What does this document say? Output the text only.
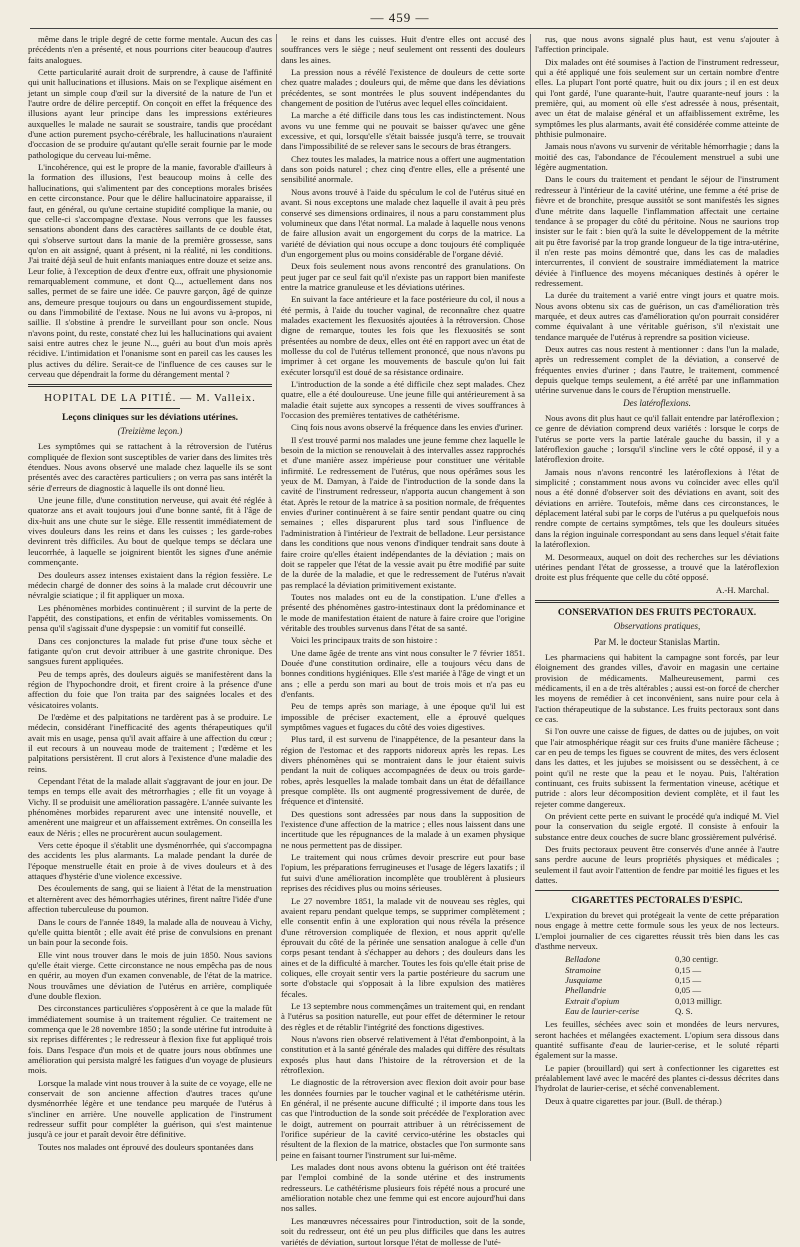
— 459 —

même dans le triple degré de cette forme mentale. Aucun des cas précédents n'en a présenté, et nous pourrions citer beaucoup d'autres faits analogues.

Cette particularité aurait droit de surprendre, à cause de l'affinité qui unit hallucinations et illusions. Mais on se l'explique aisément en jetant un simple coup d'œil sur la diversité de la nature de l'un et l'autre ordre de délire perceptif. On conçoit en effet la fréquence des illusions ayant leur principe dans les impressions extérieures auxquelles le malade ne saurait se soustraire, tandis que procédant d'une action purement psycho-cérébrale, les hallucinations n'auraient d'occasion de se produire qu'autant qu'elle serait fournie par le mode pathologique du cerveau lui-même.

L'incohérence, qui est le propre de la manie, favorable d'ailleurs à la formation des illusions, l'est beaucoup moins à celle des hallucinations, qui s'alimentent par des conceptions morales brisées en cette circonstance. Pour que le délire hallucinatoire apparaisse, il faut, en général, ou qu'une certaine stupidité complique la manie, ou que celle-ci s'accompagne d'extase. Nous verrons que les fausses sensations abondent dans des caractères saillants de ce double état, qui s'observe surtout dans la manie de la première grossesse, sans qu'on en ait assigné, quant à présent, ni la réalité, ni les conditions. J'ai traité déjà seul de huit enfants maniaques entre douze et seize ans. Leur folie, à l'exception de deux d'entre eux, offrait une physionomie remarquablement commune, et dont Q..., actuellement dans nos salles, permet de se faire une idée. Ce pauvre garçon, âgé de quinze ans, demeure presque toujours ou dans un engourdissement stupide, ou dans l'immobilité de l'extase. Nous ne lui avons vu à-propos, ni saillie. Il s'obstine à prendre le surveillant pour son oncle. Nous n'avons point, du reste, constaté chez lui les hallucinations qui avaient saisi entre autres chez le jeune N..., guéri au bout d'un mois après récidive. L'intimidation et l'onanisme sont en pareil cas les causes les plus actives du délire. Serait-ce de l'influence de ces causes sur le cerveau que dépendrait la forme du dérangement mental ?

HOPITAL DE LA PITIÉ. — M. Valleix.
Leçons cliniques sur les déviations utérines.
(Treizième leçon.)

Les symptômes qui se rattachent à la rétroversion de l'utérus compliquée de flexion sont susceptibles de varier dans des limites très étendues. Nous avons observé une malade chez laquelle ils se sont présentés avec des caractères particuliers ; on verra pas sans intérêt la série d'erreurs de diagnostic à laquelle ils ont donné lieu.

Une jeune fille, d'une constitution nerveuse, qui avait été réglée à quatorze ans et avait toujours joui d'une bonne santé, fit à l'âge de dix-huit ans une chute sur le siège. Elle ressentit immédiatement de vives douleurs dans les reins et dans les cuisses ; les garde-robes devinrent très difficiles. Au bout de quelque temps se déclara une leucorrhée, à laquelle se joignirent bientôt les signes d'une anémie commençante.

Des douleurs assez intenses existaient dans la région fessière. Le médecin chargé de donner des soins à la malade crut découvrir une névralgie sciatique ; il fit appliquer un moxa.

Les phénomènes morbides continuèrent ; il survint de la perte de l'appétit, des constipations, et enfin de véritables vomissements. On pensa qu'il s'agissait d'une dyspepsie : un vomitif fut conseillé.

Dans ces conjonctures la malade fut prise d'une toux sèche et fatigante qu'on crut devoir attribuer à une gastrite chronique. Des sangsues furent appliquées.

Peu de temps après, des douleurs aiguës se manifestèrent dans la région de l'hypochondre droit, et firent croire à la présence d'une affection du foie que l'on traita par des saignées locales et des vésicatoires volants.

De l'œdème et des palpitations ne tardèrent pas à se produire. Le médecin, considérant l'inefficacité des agents thérapeutiques qu'il avait mis en usage, pensa qu'il avait affaire à une affection du cœur ; il eut recours à un nouveau mode de traitement ; l'œdème et les palpitations persistèrent. Il crut alors à l'existence d'une maladie des reins.

Cependant l'état de la malade allait s'aggravant de jour en jour. De temps en temps elle avait des métrorrhagies ; elle fit un voyage à Vichy. Il se produisit une amélioration passagère. L'année suivante les phénomènes morbides reparurent avec une intensité nouvelle, et amenèrent une maigreur et un affaissement extrêmes. On conseilla les eaux de Néris ; elles ne procurèrent aucun soulagement.

Vers cette époque il s'établit une dysménorrhée, qui s'accompagna des accidents les plus alarmants. La malade pendant la durée de l'époque menstruelle était en proie à de vives douleurs et à des attaques d'hystérie d'une violence excessive.

Des écoulements de sang, qui se liaient à l'état de la menstruation et alternèrent avec des hémorrhagies utérines, firent naître l'idée d'une affection tuberculeuse du poumon.

Dans le cours de l'année 1849, la malade alla de nouveau à Vichy, qu'elle quitta bientôt ; elle avait été prise de convulsions en prenant un bain pour la seconde fois.

Elle vint nous trouver dans le mois de juin 1850. Nous savions qu'elle était vierge. Cette circonstance ne nous empêcha pas de nous en quérir, au moyen d'un examen convenable, de l'état de la matrice. Nous trouvâmes une déviation de l'utérus en arrière, compliquée d'une double flexion.

Des circonstances particulières s'opposèrent à ce que la malade fût immédiatement soumise à un traitement régulier. Ce traitement ne commença que le 28 novembre 1850 ; la sonde utérine fut introduite à six reprises différentes ; le redresseur à flexion fixe fut appliqué trois fois. Dans l'espace d'un mois et de quatre jours nous obtînmes une amélioration qui persista malgré les fatigues d'un voyage de plusieurs mois.

Lorsque la malade vint nous trouver à la suite de ce voyage, elle ne conservait de son ancienne affection d'autres traces qu'une dysménorrhée légère et une tendance peu marquée de l'utérus à s'incliner en arrière. Une nouvelle application de l'instrument redresseur suffit pour compléter la guérison, qui s'est maintenue jusqu'à ce jour et paraît devoir être définitive.

Toutes nos malades ont éprouvé des douleurs spontanées dans

le reins et dans les cuisses. Huit d'entre elles ont accusé des souffrances vers le siège ; neuf seulement ont ressenti des douleurs dans les aines.

La pression nous a révélé l'existence de douleurs de cette sorte chez quatre malades ; douleurs qui, de même que dans les déviations précédentes, se sont montrées le plus souvent indépendantes du changement de position de l'utérus avec lequel elles coïncidaient.

La marche a été difficile dans tous les cas indistinctement. Nous avons vu une femme qui ne pouvait se baisser qu'avec une gêne excessive, et qui, lorsqu'elle s'était baissée jusqu'à terre, se trouvait dans l'impossibilité de se relever sans le secours de bras étrangers.

Chez toutes les malades, la matrice nous a offert une augmentation dans son poids naturel ; chez cinq d'entre elles, elle a présenté une sensibilité anormale.

Nous avons trouvé à l'aide du spéculum le col de l'utérus situé en avant. Si nous exceptons une malade chez laquelle il avait à peu près conservé ses dimensions ordinaires, il nous a paru constamment plus volumineux que dans l'état normal. La malade à laquelle nous venons de faire allusion avait un engorgement du corps de la matrice. La variété de déviation qui nous occupe a donc toujours été compliquée d'un engorgement plus ou moins considérable de l'organe dévié.

Deux fois seulement nous avons rencontré des granulations. On peut juger par ce seul fait qu'il n'existe pas un rapport bien manifeste entre la matrice granuleuse et les déviations utérines.

En suivant la face antérieure et la face postérieure du col, il nous a été permis, à l'aide du toucher vaginal, de reconnaître chez quatre malades exactement les flexuosités ajoutées à la rétroversion. Chose digne de remarque, toutes les fois que les flexuosités se sont présentées au nombre de deux, elles ont été en rapport avec un état de mollesse du col de l'utérus tellement prononcé, que nous n'avons pu imprimer à cet organe les mouvements de bascule qu'on lui fait exécuter lorsqu'il est doué de sa résistance ordinaire.

L'introduction de la sonde a été difficile chez sept malades. Chez quatre, elle a été douloureuse. Une jeune fille qui antérieurement à sa maladie était sujette aux syncopes a ressenti de vives souffrances à l'occasion des premières tentatives de cathétérisme.

Cinq fois nous avons observé la fréquence dans les envies d'uriner.

Il s'est trouvé parmi nos malades une jeune femme chez laquelle le besoin de la miction se renouvelait à des intervalles assez rapprochés et d'une manière assez impérieuse pour constituer une véritable infirmité. Le redressement de l'utérus, que nous opérâmes sous les yeux de M. Damyan, à l'aide de l'introduction de la sonde dans la cavité de l'instrument redresseur, n'apporta aucun changement à son état. Après le retour de la matrice à sa position normale, de fréquentes envies d'uriner continuèrent à se faire sentir pendant quatre ou cinq semaines ; elles disparurent plus tard sous l'influence de l'administration à l'intérieur de l'extrait de belladone. Leur persistance dans les conditions que nous venons d'indiquer tendrait sans doute à faire croire qu'elles étaient indépendantes de la déviation ; mais on doit se rappeler que l'état de la vessie avait pu être modifié par suite de la durée de la maladie, et que le redressement de l'utérus n'avait pas remplacé la déviation primitivement existante.

Toutes nos malades ont eu de la constipation. L'une d'elles a présenté des phénomènes gastro-intestinaux dont la prédominance et le mode de manifestation étaient de nature à faire croire que l'origine véritable des troubles survenus dans l'état de sa santé.

Voici les principaux traits de son histoire :

Une dame âgée de trente ans vint nous consulter le 7 février 1851. Douée d'une constitution ordinaire, elle a toujours vécu dans de bonnes conditions hygiéniques. Elle s'est mariée à l'âge de vingt et un ans ; elle a perdu son mari au bout de trois mois et n'a pas eu d'enfants.

Peu de temps après son mariage, à une époque qu'il lui est impossible de préciser exactement, elle a éprouvé quelques symptômes vagues et fugaces du côté des voies digestives.

Plus tard, il est survenu de l'inappétence, de la pesanteur dans la région de l'estomac et des rapports nidoreux après les repas. Les divers phénomènes qui se montraient dans le jour étaient suivis pendant la nuit de coliques accompagnées de deux ou trois garde-robes, après lesquelles la malade tombait dans un état de défaillance presque complète. Ils ont augmenté progressivement de durée, de fréquence et d'intensité.

Des questions sont adressées par nous dans la supposition de l'existence d'une affection de la matrice ; elles nous laissent dans une incertitude que les répugnances de la malade à un examen physique ne nous permettent pas de dissiper.

Le traitement qui nous crûmes devoir prescrire eut pour base l'opium, les préparations ferrugineuses et l'usage de légers laxatifs ; il fut suivi d'une amélioration incomplète que troublèrent à plusieurs reprises des récidives plus ou moins sérieuses.

Le 27 novembre 1851, la malade vit de nouveau ses règles, qui avaient reparu pendant quelque temps, se supprimer complètement ; elle consentit enfin à une exploration qui nous révéla la présence d'une rétroversion compliquée de flexion, et nous apprit qu'elle éprouvait du côté de la périnée une sensation analogue à celle d'un corps pesant tendant à s'échapper au dehors ; des douleurs dans les aines et de la difficulté à marcher. Toutes les fois qu'elle était prise de coliques, elle croyait sentir vers la partie postérieure du sacrum une sorte d'obstacle qui s'opposait à la libre expulsion des matières fécales.

Le 13 septembre nous commençâmes un traitement qui, en rendant à l'utérus sa position naturelle, eut pour effet de déterminer le retour des règles et de rétablir l'intégrité des fonctions digestives.

Nous n'avons rien observé relativement à l'état d'embonpoint, à la constitution et à la santé générale des malades qui diffère des résultats exposés plus haut dans l'histoire de la rétroversion et de la rétroflexion.

Le diagnostic de la rétroversion avec flexion doit avoir pour base les données fournies par le toucher vaginal et le cathétérisme utérin. En général, il ne présente aucune difficulté ; il importe dans tous les cas que l'introduction de la sonde soit précédée de l'exploration avec le doigt, autrement on pourrait attribuer à un rétrécissement de l'orifice supérieur de la cavité cervico-utérine les obstacles qui résultent de la flexion de la matrice, obstacles que l'on surmonte sans peine en faisant tourner l'instrument sur lui-même.

Les malades dont nous avons obtenu la guérison ont été traitées par l'emploi combiné de la sonde utérine et des instruments redresseurs. Le cathétérisme plusieurs fois répété nous a procuré une amélioration notable chez une femme qui est encore aujourd'hui dans nos salles.

Les manœuvres nécessaires pour l'introduction, soit de la sonde, soit du redresseur, ont été un peu plus difficiles que dans les autres variétés de déviation, surtout lorsque l'état de mollesse de l'uté-

rus, que nous avons signalé plus haut, est venu s'ajouter à l'affection principale.

Dix malades ont été soumises à l'action de l'instrument redresseur, qui a été appliqué une fois seulement sur un certain nombre d'entre elles. La plupart l'ont porté quatre, huit ou dix jours ; il en est deux qui l'ont gardé, l'une quarante-huit, l'autre quarante-neuf jours : la première, qui, au moment où elle s'est adressée à nous, présentait, avec un état de malaise général et un affaiblissement extrême, les symptômes les plus alarmants, avait été considérée comme atteinte de phthisie pulmonaire.

Jamais nous n'avons vu survenir de véritable hémorrhagie ; dans la moitié des cas, l'abondance de l'écoulement menstruel a subi une légère augmentation.

Dans le cours du traitement et pendant le séjour de l'instrument redresseur à l'intérieur de la cavité utérine, une femme a été prise de fièvre et de bronchite, presque aussitôt se sont manifestés les signes d'une métrite dans laquelle l'inflammation affectait une certaine tendance à se propager du côté du péritoine. Nous ne saurions trop insister sur le fait : bien qu'à la suite le développement de la métrite ait pu être favorisé par la trop grande longueur de la tige intra-utérine, il n'en reste pas moins démontré que, dans les cas de maladies intercurrentes, il convient de soustraire immédiatement la matrice déviée à l'influence des moyens mécaniques destinés à opérer le redressement.

La durée du traitement a varié entre vingt jours et quatre mois. Nous avons obtenu six cas de guérison, un cas d'amélioration très marquée, et deux autres cas d'amélioration qu'on pourrait considérer comme équivalant à une véritable guérison, s'il n'existait une tendance marquée de l'utérus à reprendre sa position vicieuse.

Deux autres cas nous restent à mentionner : dans l'un la malade, après un redressement complet de la déviation, a conservé de fréquentes envies d'uriner ; dans l'autre, le traitement, commencé depuis quelque temps seulement, a été arrêté par une inflammation utérine survenue dans le cours de l'éruption menstruelle.

Des latéroflexions.

Nous avons dit plus haut ce qu'il fallait entendre par latéroflexion ; ce genre de déviation comprend deux variétés : lorsque le corps de l'utérus se porte vers la partie latérale gauche du bassin, il y a latéroflexion gauche ; lorsqu'il s'incline vers le côté opposé, il y a latéroflexion droite.

Jamais nous n'avons rencontré les latéroflexions à l'état de simplicité ; constamment nous avons vu coïncider avec elles qu'il nous a été donné d'observer soit des déviations en avant, soit des déviations en arrière. Toutefois, même dans ces circonstances, le déplacement latéral subi par le corps de l'utérus a pu quelquefois nous rendre compte de certains symptômes, tels que les douleurs situées dans la région inguinale correspondant au sens dans lequel s'était faite la latéroflexion.

M. Desormeaux, auquel on doit des recherches sur les déviations utérines pendant l'état de grossesse, a trouvé que la latéroflexion droite est plus fréquente que celle du côté opposé.

A.-H. Marchal.
CONSERVATION DES FRUITS PECTORAUX.
Observations pratiques,
Par M. le docteur Stanislas Martin.

Les pharmaciens qui habitent la campagne sont forcés, par leur éloignement des grandes villes, d'avoir en magasin une certaine provision de médicaments. Malheureusement, parmi ces médicaments, il en a de très altérables ; aussi est-on forcé de chercher les moyens de remédier à cet inconvénient, sans nuire pour cela à l'action thérapeutique de la substance. Les fruits pectoraux sont dans ce cas.

Si l'on ouvre une caisse de figues, de dattes ou de jujubes, on voit que l'air atmosphérique réagit sur ces fruits d'une manière fâcheuse ; car en peu de temps les figues se couvrent de mites, des vers éclosent dans les dattes, et les jujubes se moisissent ou se dessèchent, à ce point qu'il ne reste que la peau et le noyau. Puis, l'altération continuant, ces fruits subissent la fermentation vineuse, acétique et putride : alors leur décomposition devient complète, et il faut les rejeter comme dangereux.

On prévient cette perte en suivant le procédé qu'a indiqué M. Viel pour la conservation du seigle ergoté. Il consiste à enfouir la substance entre deux couches de sucre blanc grossièrement pulvérisé.

Des fruits pectoraux peuvent être conservés d'une année à l'autre sans perdre aucune de leurs propriétés physiques et médicales ; seulement il faut avoir l'attention de fendre par moitié les figues et les dattes.

CIGARETTES PECTORALES D'ESPIC.

L'expiration du brevet qui protégeait la vente de cette préparation nous engage à mettre cette formule sous les yeux de nos lecteurs. L'emploi journalier de ces cigarettes réussit très bien dans les cas d'asthme nerveux.

Belladone	0,30 centigr.
Stramoine	0,15 —
Jusquiame	0,15 —
Phellandrie	0,05 —
Extrait d'opium	0,013 milligr.
Eau de laurier-cerise	Q. S.

Les feuilles, séchées avec soin et mondées de leurs nervures, seront hachées et mélangées exactement. L'opium sera dissous dans quantité suffisante d'eau de laurier-cerise, et le soluté réparti également sur la masse.

Le papier (brouillard) qui sert à confectionner les cigarettes est préalablement lavé avec le macéré des plantes ci-dessus décrites dans l'hydrolat de laurier-cerise, et séché convenablement.

Deux à quatre cigarettes par jour. (Bull. de thérap.)
